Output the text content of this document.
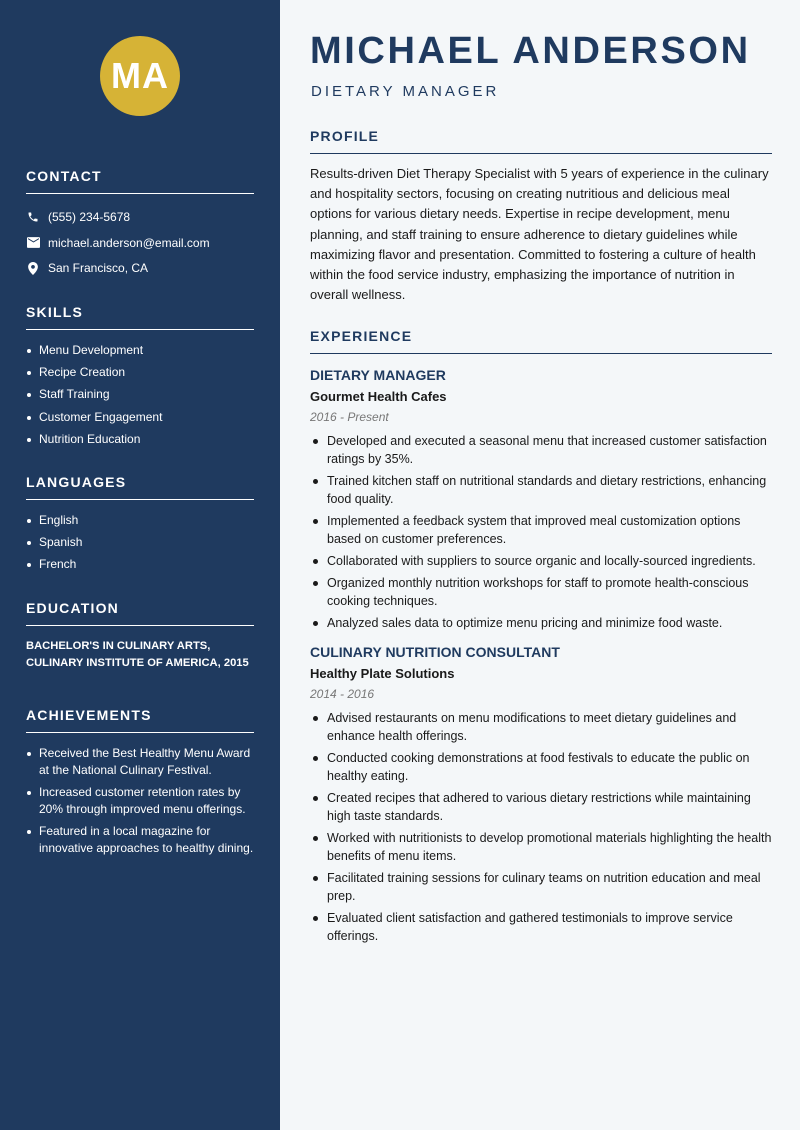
MA
CONTACT
(555) 234-5678
michael.anderson@email.com
San Francisco, CA
SKILLS
Menu Development
Recipe Creation
Staff Training
Customer Engagement
Nutrition Education
LANGUAGES
English
Spanish
French
EDUCATION
BACHELOR'S IN CULINARY ARTS, CULINARY INSTITUTE OF AMERICA, 2015
ACHIEVEMENTS
Received the Best Healthy Menu Award at the National Culinary Festival.
Increased customer retention rates by 20% through improved menu offerings.
Featured in a local magazine for innovative approaches to healthy dining.
MICHAEL ANDERSON
DIETARY MANAGER
PROFILE

Results-driven Diet Therapy Specialist with 5 years of experience in the culinary and hospitality sectors, focusing on creating nutritious and delicious meal options for various dietary needs. Expertise in recipe development, menu planning, and staff training to ensure adherence to dietary guidelines while maximizing flavor and presentation. Committed to fostering a culture of health within the food service industry, emphasizing the importance of nutrition in overall wellness.

EXPERIENCE
DIETARY MANAGER
Gourmet Health Cafes
2016 - Present
Developed and executed a seasonal menu that increased customer satisfaction ratings by 35%.
Trained kitchen staff on nutritional standards and dietary restrictions, enhancing food quality.
Implemented a feedback system that improved meal customization options based on customer preferences.
Collaborated with suppliers to source organic and locally-sourced ingredients.
Organized monthly nutrition workshops for staff to promote health-conscious cooking techniques.
Analyzed sales data to optimize menu pricing and minimize food waste.
CULINARY NUTRITION CONSULTANT
Healthy Plate Solutions
2014 - 2016
Advised restaurants on menu modifications to meet dietary guidelines and enhance health offerings.
Conducted cooking demonstrations at food festivals to educate the public on healthy eating.
Created recipes that adhered to various dietary restrictions while maintaining high taste standards.
Worked with nutritionists to develop promotional materials highlighting the health benefits of menu items.
Facilitated training sessions for culinary teams on nutrition education and meal prep.
Evaluated client satisfaction and gathered testimonials to improve service offerings.
